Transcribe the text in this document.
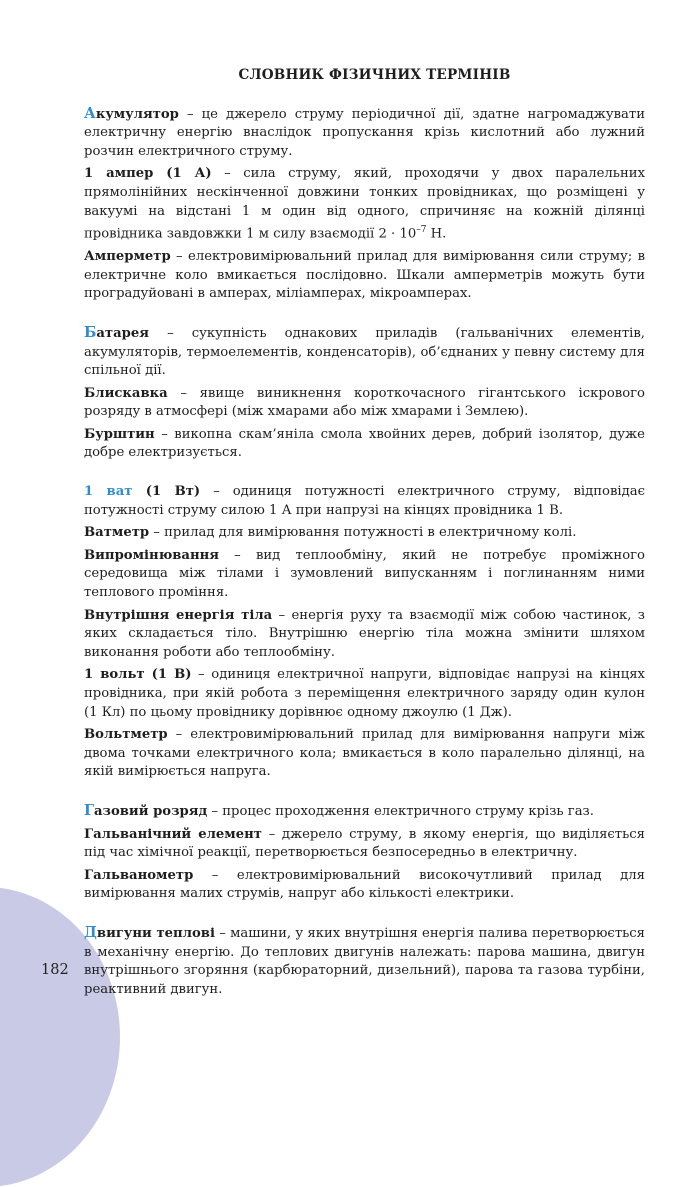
СЛОВНИК ФІЗИЧНИХ ТЕРМІНІВ

Акумулятор – це джерело струму періодичної дії, здатне нагромаджувати електричну енергію внаслідок пропускання крізь кислотний або лужний розчин електричного струму.

1 ампер (1 А) – сила струму, який, проходячи у двох паралельних прямолінійних нескінченної довжини тонких провідниках, що розміщені у вакуумі на відстані 1 м один від одного, спричиняє на кожній ділянці провідника завдовжки 1 м силу взаємодії $2 \cdot 10^{-7}$ Н.

Амперметр – електровимірювальний прилад для вимірювання сили струму; в електричне коло вмикається послідовно. Шкали амперметрів можуть бути проградуйовані в амперах, міліамперах, мікроамперах.

Батарея – сукупність однакових приладів (гальванічних елементів, акумуляторів, термоелементів, конденсаторів), об’єднаних у певну систему для спільної дії.

Блискавка – явище виникнення короткочасного гігантського іскрового розряду в атмосфері (між хмарами або між хмарами і Землею).

Бурштин – викопна скам’яніла смола хвойних дерев, добрий ізолятор, дуже добре електризується.

1 ват (1 Вт) – одиниця потужності електричного струму, відповідає потужності струму силою 1 А при напрузі на кінцях провідника 1 В.

Ватметр – прилад для вимірювання потужності в електричному колі.

Випромінювання – вид теплообміну, який не потребує проміжного середовища між тілами і зумовлений випусканням і поглинанням ними теплового проміння.

Внутрішня енергія тіла – енергія руху та взаємодії між собою частинок, з яких складається тіло. Внутрішню енергію тіла можна змінити шляхом виконання роботи або теплообміну.

1 вольт (1 В) – одиниця електричної напруги, відповідає напрузі на кінцях провідника, при якій робота з переміщення електричного заряду один кулон (1 Кл) по цьому провіднику дорівнює одному джоулю (1 Дж).

Вольтметр – електровимірювальний прилад для вимірювання напруги між двома точками електричного кола; вмикається в коло паралельно ділянці, на якій вимірюється напруга.

Газовий розряд – процес проходження електричного струму крізь газ.

Гальванічний елемент – джерело струму, в якому енергія, що виділяється під час хімічної реакції, перетворюється безпосередньо в електричну.

Гальванометр – електровимірювальний високочутливий прилад для вимірювання малих струмів, напруг або кількості електрики.

Двигуни теплові – машини, у яких внутрішня енергія палива перетворюється в механічну енергію. До теплових двигунів належать: парова машина, двигун внутрішнього згоряння (карбюраторний, дизельний), парова та газова турбіни, реактивний двигун.

182
